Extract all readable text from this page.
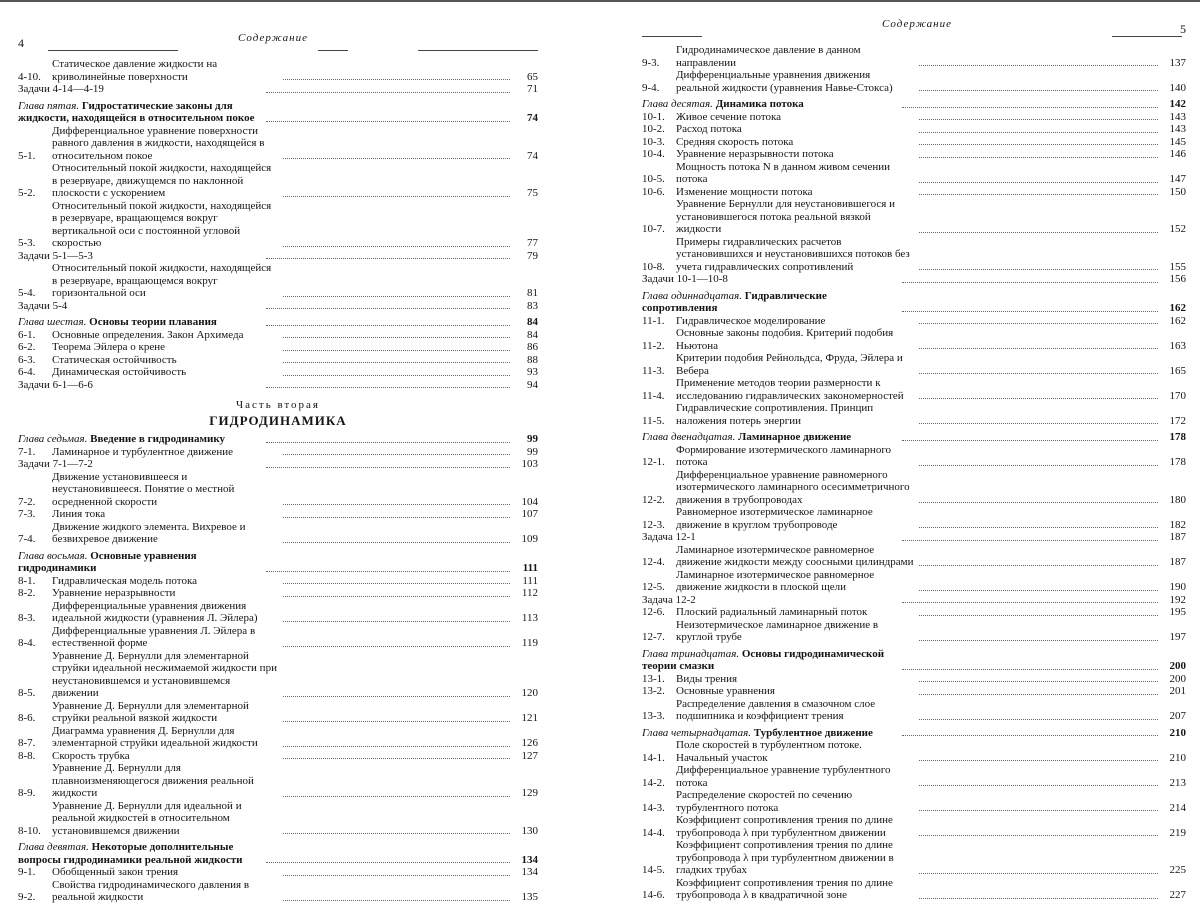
4	Содержание
4-10.
Статическое давление жидкости на криволинейные поверхности	65
Задачи 4-14—4-19	71
Глава пятая. Гидростатические законы для жидкости, находящейся в относительном покое	74
5-1.
Дифференциальное уравнение поверхности равного давления в жидкости, находящейся в относительном покое	74
5-2.
Относительный покой жидкости, находящейся в резервуаре, движущемся по наклонной плоскости с ускорением	75
5-3.
Относительный покой жидкости, находящейся в резервуаре, вращающемся вокруг вертикальной оси с постоянной угловой скоростью	77
Задачи 5-1—5-3	79
5-4.
Относительный покой жидкости, находящейся в резервуаре, вращающемся вокруг горизонтальной оси	81
Задачи 5-4	83
Глава шестая. Основы теории плавания	84
6-1.	Основные определения. Закон Архимеда	84
6-2.	Теорема Эйлера о крене	86
6-3.	Статическая остойчивость	88
6-4.	Динамическая остойчивость	93
Задачи 6-1—6-6	94
Часть вторая
ГИДРОДИНАМИКА
Глава седьмая. Введение в гидродинамику	99
7-1.	Ламинарное и турбулентное движение	99
Задачи 7-1—7-2	103
7-2.
Движение установившееся и неустановившееся. Понятие о местной осредненной скорости	104
7-3.	Линия тока	107
7-4.
Движение жидкого элемента. Вихревое и безвихревое движение	109
Глава восьмая. Основные уравнения гидродинамики	111
8-1.	Гидравлическая модель потока	111
8-2.	Уравнение неразрывности	112
8-3.
Дифференциальные уравнения движения идеальной жидкости (уравнения Л. Эйлера)	113
8-4.
Дифференциальные уравнения Л. Эйлера в естественной форме	119
8-5.
Уравнение Д. Бернулли для элементарной струйки идеальной несжимаемой жидкости при неустановившемся и установившемся движении	120
8-6.
Уравнение Д. Бернулли для элементарной струйки реальной вязкой жидкости	121
8-7.
Диаграмма уравнения Д. Бернулли для элементарной струйки идеальной жидкости	126
8-8.	Скорость трубка	127
8-9.
Уравнение Д. Бернулли для плавноизменяющегося движения реальной жидкости	129
8-10.
Уравнение Д. Бернулли для идеальной и реальной жидкостей в относительном установившемся движении	130
Глава девятая. Некоторые дополнительные вопросы гидродинамики реальной жидкости	134
9-1.	Обобщенный закон трения	134
9-2.
Свойства гидродинамического давления в реальной жидкости	135
Содержание	5
9-3.
Гидродинамическое давление в данном направлении	137
9-4.
Дифференциальные уравнения движения реальной жидкости (уравнения Навье-Стокса)	140
Глава десятая. Динамика потока	142
10-1.	Живое сечение потока	143
10-2.	Расход потока	143
10-3.	Средняя скорость потока	145
10-4.	Уравнение неразрывности потока	146
10-5.
Мощность потока N в данном живом сечении потока	147
10-6.	Изменение мощности потока	150
10-7.
Уравнение Бернулли для неустановившегося и установившегося потока реальной вязкой жидкости	152
10-8.
Примеры гидравлических расчетов установившихся и неустановившихся потоков без учета гидравлических сопротивлений	155
Задачи 10-1—10-8	156
Глава одиннадцатая. Гидравлические сопротивления	162
11-1.	Гидравлическое моделирование	162
11-2.
Основные законы подобия. Критерий подобия Ньютона	163
11-3.
Критерии подобия Рейнольдса, Фруда, Эйлера и Вебера	165
11-4.
Применение методов теории размерности к исследованию гидравлических закономерностей	170
11-5.
Гидравлические сопротивления. Принцип наложения потерь энергии	172
Глава двенадцатая. Ламинарное движение	178
12-1.
Формирование изотермического ламинарного потока	178
12-2.
Дифференциальное уравнение равномерного изотермического ламинарного осесимметричного движения в трубопроводах	180
12-3.
Равномерное изотермическое ламинарное движение в круглом трубопроводе	182
Задача 12-1	187
12-4.
Ламинарное изотермическое равномерное движение жидкости между соосными цилиндрами	187
12-5.
Ламинарное изотермическое равномерное движение жидкости в плоской щели	190
Задача 12-2	192
12-6.	Плоский радиальный ламинарный поток	195
12-7.
Неизотермическое ламинарное движение в круглой трубе	197
Глава тринадцатая. Основы гидродинамической теории смазки	200
13-1.	Виды трения	200
13-2.	Основные уравнения	201
13-3.
Распределение давления в смазочном слое подшипника и коэффициент трения	207
Глава четырнадцатая. Турбулентное движение	210
14-1.
Поле скоростей в турбулентном потоке. Начальный участок	210
14-2.
Дифференциальное уравнение турбулентного потока	213
14-3.
Распределение скоростей по сечению турбулентного потока	214
14-4.
Коэффициент сопротивления трения по длине трубопровода λ при турбулентном движении	219
14-5.
Коэффициент сопротивления трения по длине трубопровода λ при турбулентном движении в гладких трубах	225
14-6.
Коэффициент сопротивления трения по длине трубопровода λ в квадратичной зоне	227
